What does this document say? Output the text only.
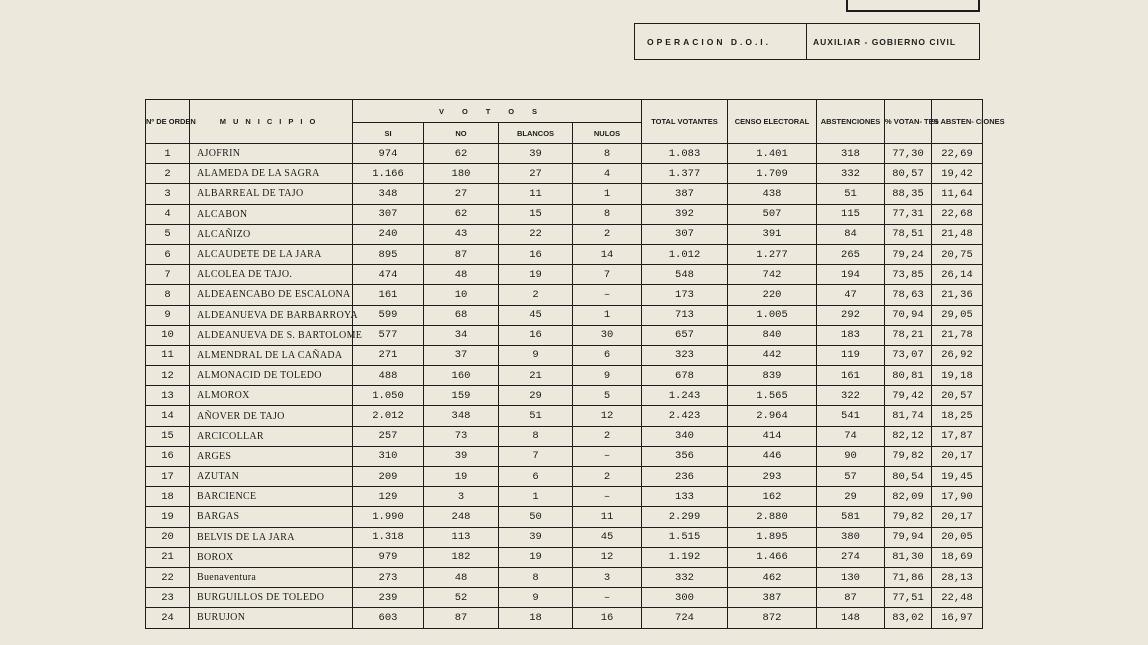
OPERACION D.O.I.	AUXILIAR - GOBIERNO CIVIL
Nº DE ORDEN	MUNICIPIO	VOTOS				TOTAL VOTANTES	CENSO ELECTORAL	ABSTENCIONES	% VOTAN- TES	% ABSTEN- CIONES
		SI	NO	BLANCOS	NULOS					
1	AJOFRIN	974	62	39	8	1.083	1.401	318	77,30	22,69
2	ALAMEDA DE LA SAGRA	1.166	180	27	4	1.377	1.709	332	80,57	19,42
3	ALBARREAL DE TAJO	348	27	11	1	387	438	51	88,35	11,64
4	ALCABON	307	62	15	8	392	507	115	77,31	22,68
5	ALCAÑIZO	240	43	22	2	307	391	84	78,51	21,48
6	ALCAUDETE DE LA JARA	895	87	16	14	1.012	1.277	265	79,24	20,75
7	ALCOLEA DE TAJO.	474	48	19	7	548	742	194	73,85	26,14
8	ALDEAENCABO DE ESCALONA	161	10	2	–	173	220	47	78,63	21,36
9	ALDEANUEVA DE BARBARROYA	599	68	45	1	713	1.005	292	70,94	29,05
10	ALDEANUEVA DE S. BARTOLOME	577	34	16	30	657	840	183	78,21	21,78
11	ALMENDRAL DE LA CAÑADA	271	37	9	6	323	442	119	73,07	26,92
12	ALMONACID DE TOLEDO	488	160	21	9	678	839	161	80,81	19,18
13	ALMOROX	1.050	159	29	5	1.243	1.565	322	79,42	20,57
14	AÑOVER DE TAJO	2.012	348	51	12	2.423	2.964	541	81,74	18,25
15	ARCICOLLAR	257	73	8	2	340	414	74	82,12	17,87
16	ARGES	310	39	7	–	356	446	90	79,82	20,17
17	AZUTAN	209	19	6	2	236	293	57	80,54	19,45
18	BARCIENCE	129	3	1	–	133	162	29	82,09	17,90
19	BARGAS	1.990	248	50	11	2.299	2.880	581	79,82	20,17
20	BELVIS DE LA JARA	1.318	113	39	45	1.515	1.895	380	79,94	20,05
21	BOROX	979	182	19	12	1.192	1.466	274	81,30	18,69
22	Buenaventura	273	48	8	3	332	462	130	71,86	28,13
23	BURGUILLOS DE TOLEDO	239	52	9	–	300	387	87	77,51	22,48
24	BURUJON	603	87	18	16	724	872	148	83,02	16,97
